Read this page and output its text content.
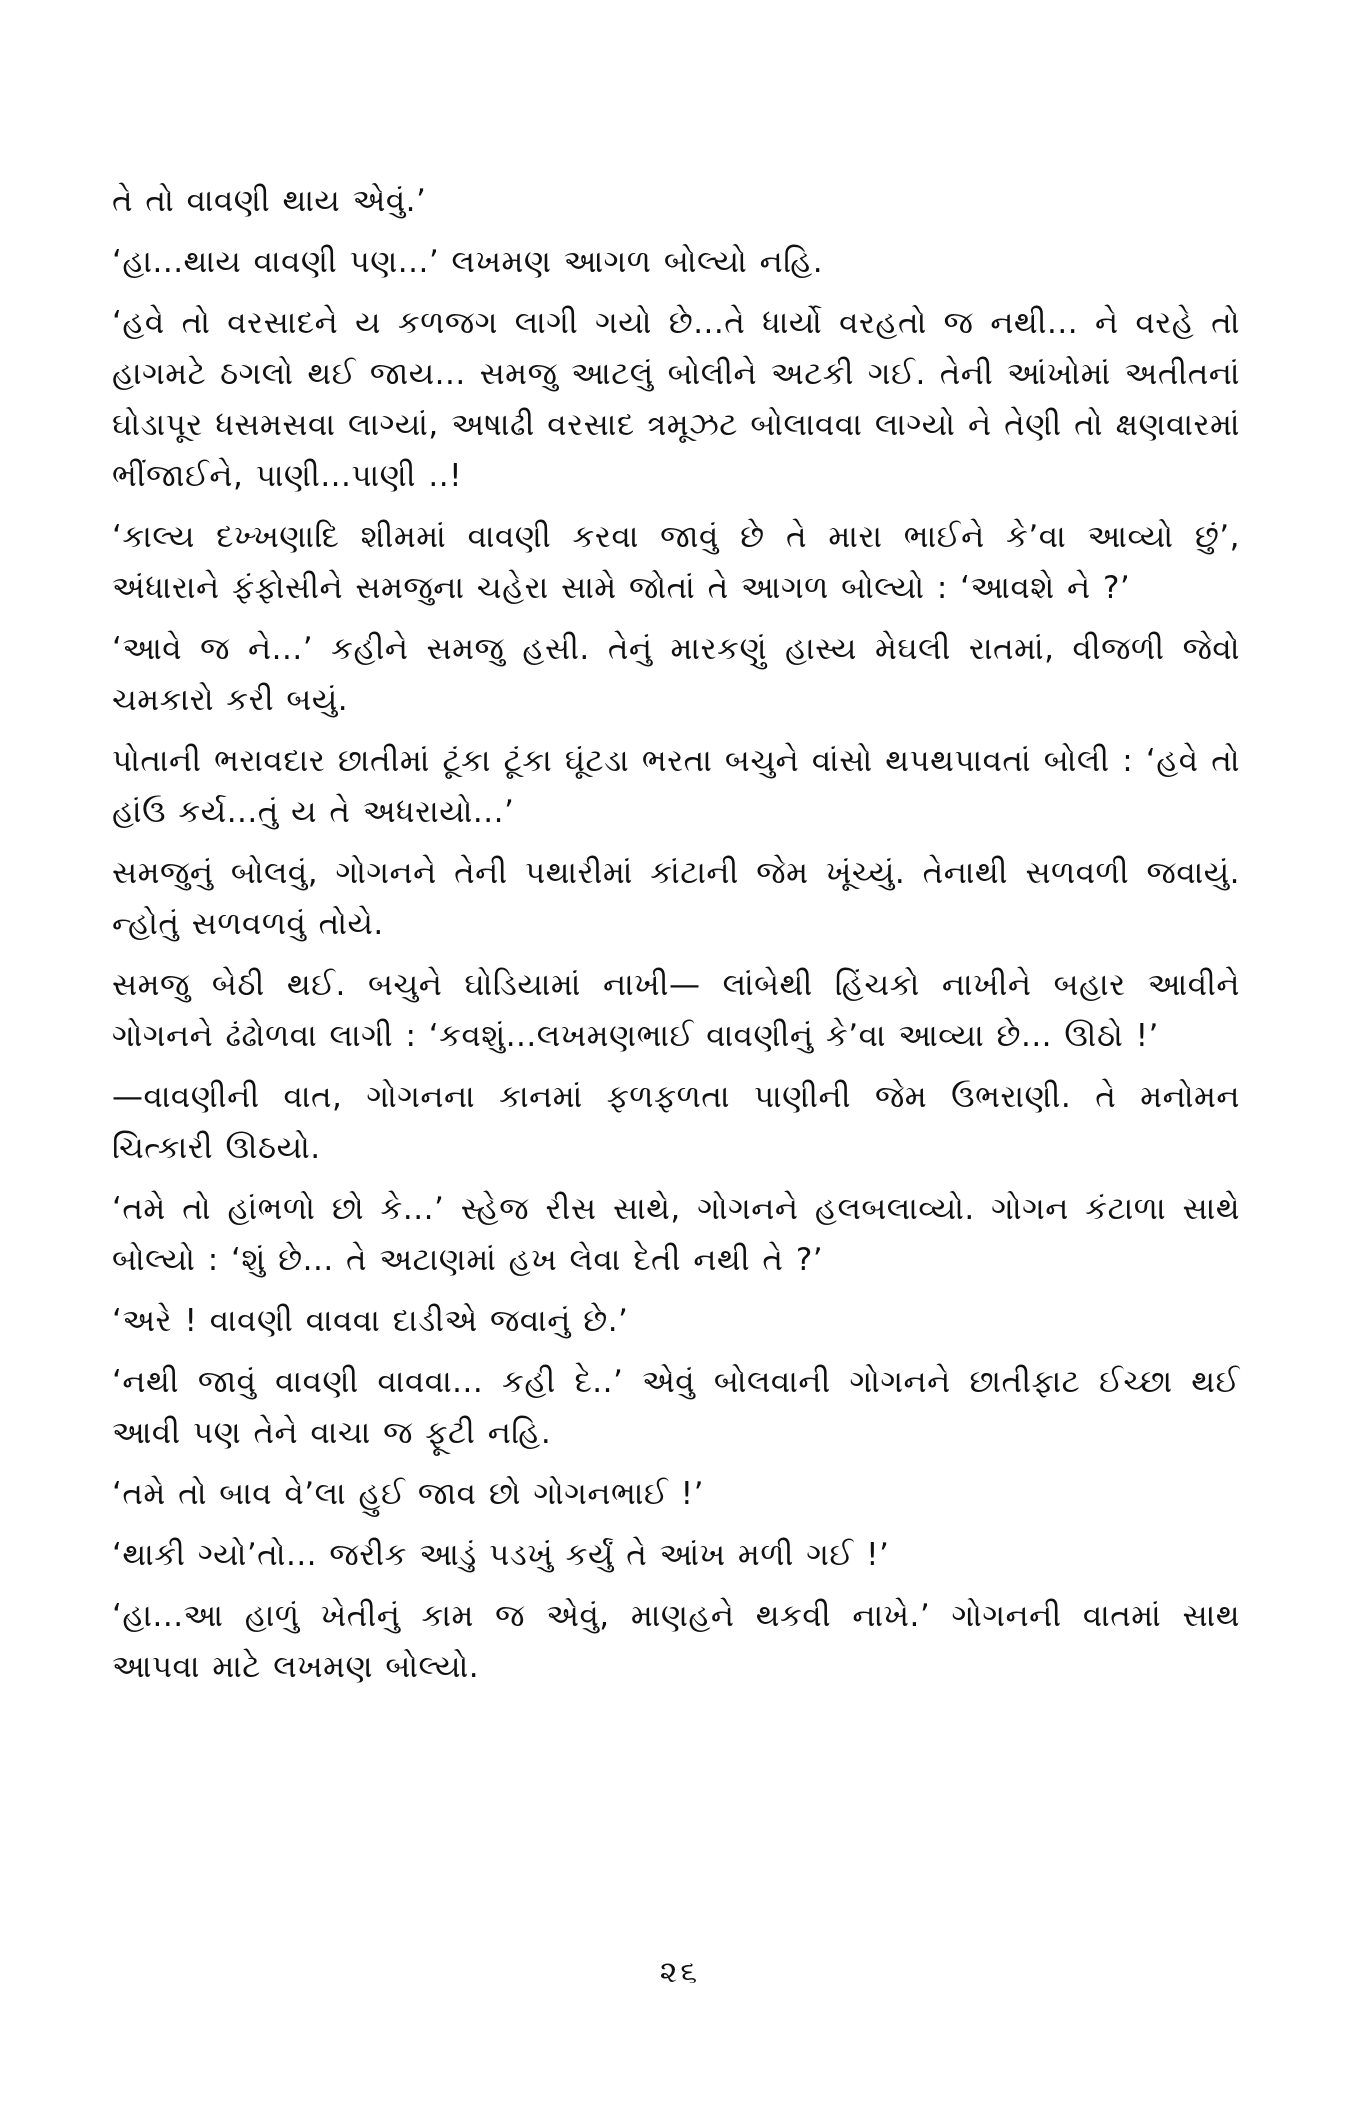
તે તો વાવણી થાય એવું.’

‘હા...થાય વાવણી પણ...’ લખમણ આગળ બોલ્યો નહિ.

‘હવે તો વરસાદને ય કળજગ લાગી ગયો છે...તે ધાર્યો વરહતો જ નથી... ને વરહે તો હાગમટે ઠગલો થઈ જાય... સમજુ આટલું બોલીને અટકી ગઈ. તેની આંખોમાં અતીતનાં ઘોડાપૂર ધસમસવા લાગ્યાં, અષાઢી વરસાદ ત્રમૂઝટ બોલાવવા લાગ્યો ને તેણી તો ક્ષણવારમાં ભીંજાઈને, પાણી...પાણી ..!

‘કાલ્ય દખ્ખણાદિ શીમમાં વાવણી કરવા જાવું છે તે મારા ભાઈને કે’વા આવ્યો છું’, અંધારાને ફંફોસીને સમજુના ચહેરા સામે જોતાં તે આગળ બોલ્યો : ‘આવશે ને ?’

‘આવે જ ને...’ કહીને સમજુ હસી. તેનું મારકણું હાસ્ય મેઘલી રાતમાં, વીજળી જેવો ચમકારો કરી બયું.

પોતાની ભરાવદાર છાતીમાં ટૂંકા ટૂંકા ઘૂંટડા ભરતા બચુને વાંસો થપથપાવતાં બોલી : ‘હવે તો હાંઉ કર્ય...તું ય તે અધરાયો...’

સમજુનું બોલવું, ગોગનને તેની પથારીમાં કાંટાની જેમ ખૂંચ્યું. તેનાથી સળવળી જવાયું. ન્હોતું સળવળવું તોયે.

સમજુ બેઠી થઈ. બચુને ઘોડિયામાં નાખી— લાંબેથી હિંચકો નાખીને બહાર આવીને ગોગનને ઢંઢોળવા લાગી : ‘કવશું...લખમણભાઈ વાવણીનું કે’વા આવ્યા છે... ઊઠો !’

—વાવણીની વાત, ગોગનના કાનમાં ફળફળતા પાણીની જેમ ઉભરાણી. તે મનોમન ચિત્કારી ઊઠયો.

‘તમે તો હાંભળો છો કે...’ સ્હેજ રીસ સાથે, ગોગનને હલબલાવ્યો. ગોગન કંટાળા સાથે બોલ્યો : ‘શું છે... તે અટાણમાં હખ લેવા દેતી નથી તે ?’

‘અરે ! વાવણી વાવવા દાડીએ જવાનું છે.’

‘નથી જાવું વાવણી વાવવા... કહી દે..’ એવું બોલવાની ગોગનને છાતીફાટ ઈચ્છા થઈ આવી પણ તેને વાચા જ ફૂટી નહિ.

‘તમે તો બાવ વે’લા હુઈ જાવ છો ગોગનભાઈ !’

‘થાકી ગ્યો’તો... જરીક આડું પડખું કર્યું તે આંખ મળી ગઈ !’

‘હા...આ હાળું ખેતીનું કામ જ એવું, માણહને થકવી નાખે.’ ગોગનની વાતમાં સાથ આપવા માટે લખમણ બોલ્યો.

૨૬
